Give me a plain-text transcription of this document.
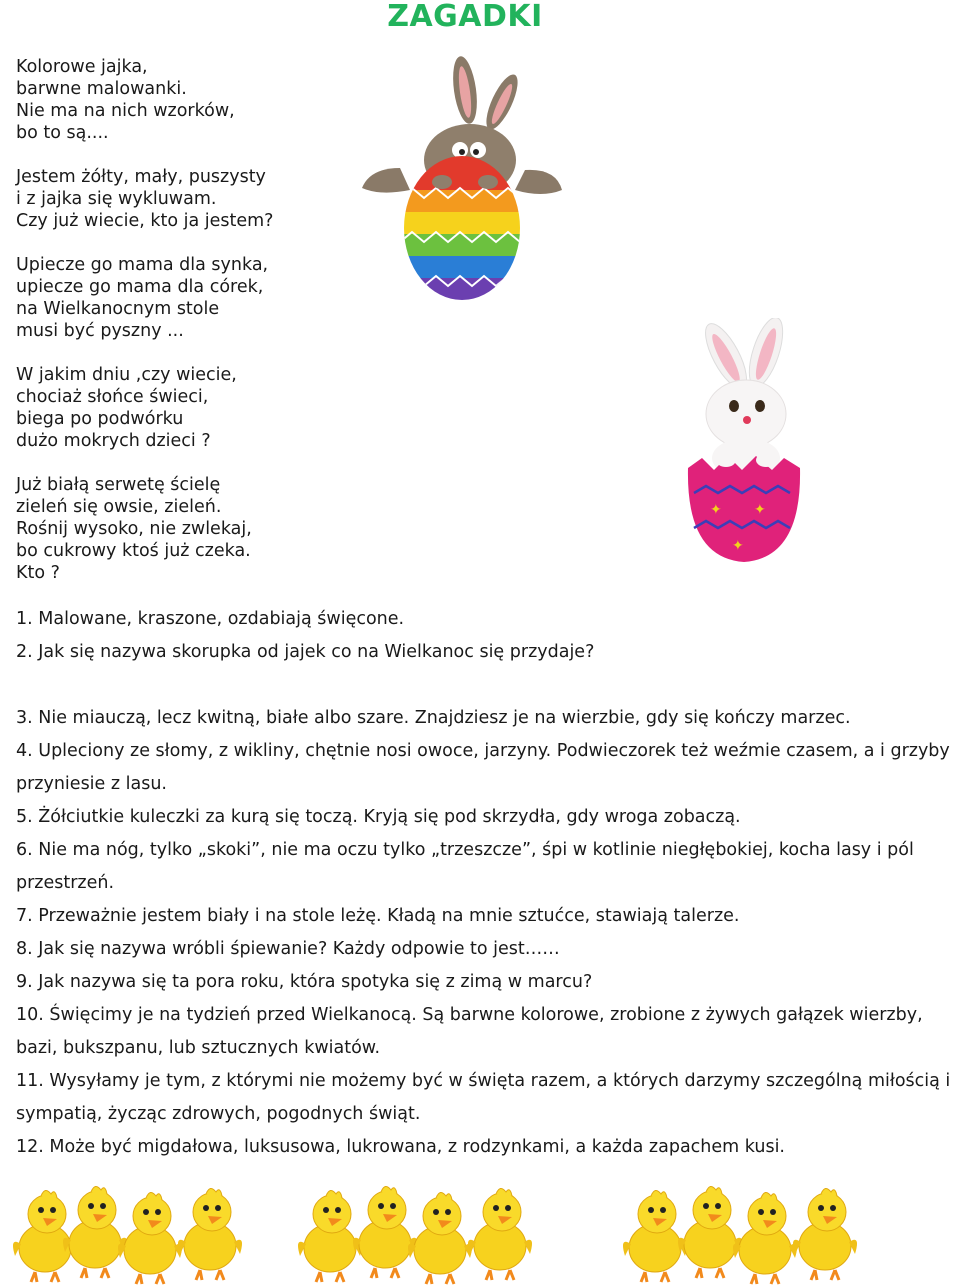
ZAGADKI
Kolorowe jajka,
barwne malowanki.
Nie ma na nich wzorków,
bo to są....
Jestem żółty, mały, puszysty
i z jajka się wykluwam.
Czy już wiecie, kto ja jestem?
Upiecze go mama dla synka,
upiecze go mama dla córek,
na Wielkanocnym stole
musi być pyszny ...
W jakim dniu ,czy wiecie,
chociaż słońce świeci,
biega po podwórku
dużo mokrych dzieci ?
Już białą serwetę ścielę
zieleń się owsie, zieleń.
Rośnij wysoko, nie zwlekaj,
bo cukrowy ktoś już czeka.
Kto ?
✦ ✦
✦

1. Malowane, kraszone, ozdabiają święcone.

2. Jak się nazywa skorupka od jajek co na Wielkanoc się przydaje?

3. Nie miauczą, lecz kwitną, białe albo szare. Znajdziesz je na wierzbie, gdy się kończy marzec.

4. Upleciony ze słomy, z wikliny, chętnie nosi owoce, jarzyny. Podwieczorek też weźmie czasem, a i grzyby przyniesie z lasu.

5. Żółciutkie kuleczki za kurą się toczą. Kryją się pod skrzydła, gdy wroga zobaczą.

6. Nie ma nóg, tylko „skoki”, nie ma oczu tylko „trzeszcze”, śpi w kotlinie niegłębokiej, kocha lasy i pól przestrzeń.

7. Przeważnie jestem biały i na stole leżę. Kładą na mnie sztućce, stawiają talerze.

8. Jak się nazywa wróbli śpiewanie? Każdy odpowie to jest……

9. Jak nazywa się ta pora roku, która spotyka się z zimą w marcu?

10. Święcimy je na tydzień przed Wielkanocą. Są barwne kolorowe, zrobione z żywych gałązek wierzby, bazi, bukszpanu, lub sztucznych kwiatów.

11. Wysyłamy je tym, z którymi nie możemy być w święta razem, a których darzymy szczególną miłością i sympatią, życząc zdrowych, pogodnych świąt.

12. Może być migdałowa, luksusowa, lukrowana, z rodzynkami, a każda zapachem kusi.
